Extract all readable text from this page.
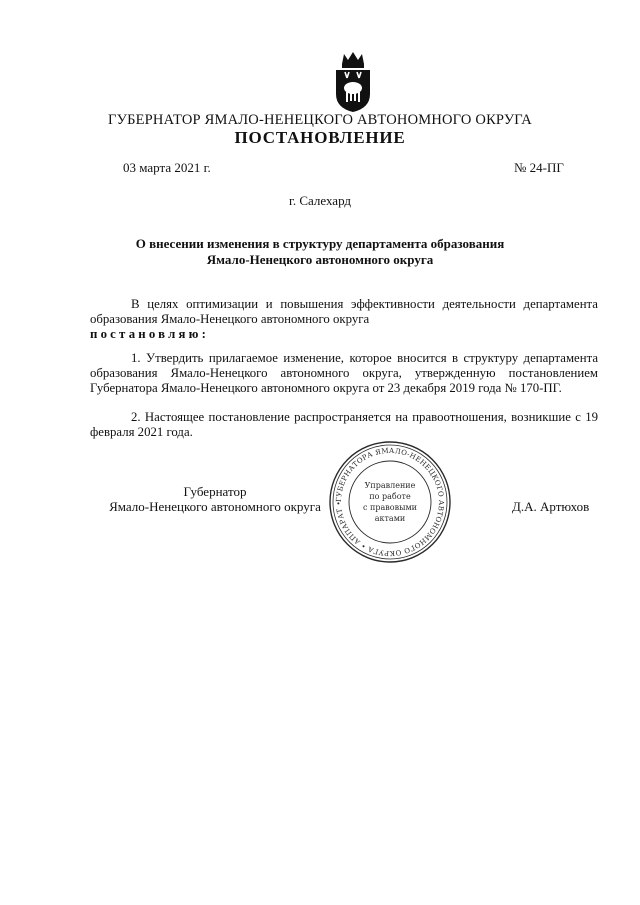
ГУБЕРНАТОР ЯМАЛО-НЕНЕЦКОГО АВТОНОМНОГО ОКРУГА
ПОСТАНОВЛЕНИЕ
03 марта 2021 г.	№ 24-ПГ
г. Салехард
О внесении изменения в структуру департамента образования
Ямало-Ненецкого автономного округа
В целях оптимизации и повышения эффективности деятельности департамента образования Ямало-Ненецкого автономного округа
постановляю:
1. Утвердить прилагаемое изменение, которое вносится в структуру департамента образования Ямало-Ненецкого автономного округа, утвержденную постановлением Губернатора Ямало-Ненецкого автономного округа от 23 декабря 2019 года № 170-ПГ.
2. Настоящее постановление распространяется на правоотношения, возникшие с 19 февраля 2021 года.
Губернатор
Ямало-Ненецкого автономного округа	Д.А. Артюхов
ГУБЕРНАТОРА ЯМАЛО-НЕНЕЦКОГО АВТОНОМНОГО ОКРУГА • АППАРАТ •
Управление
по работе
с правовыми
актами
